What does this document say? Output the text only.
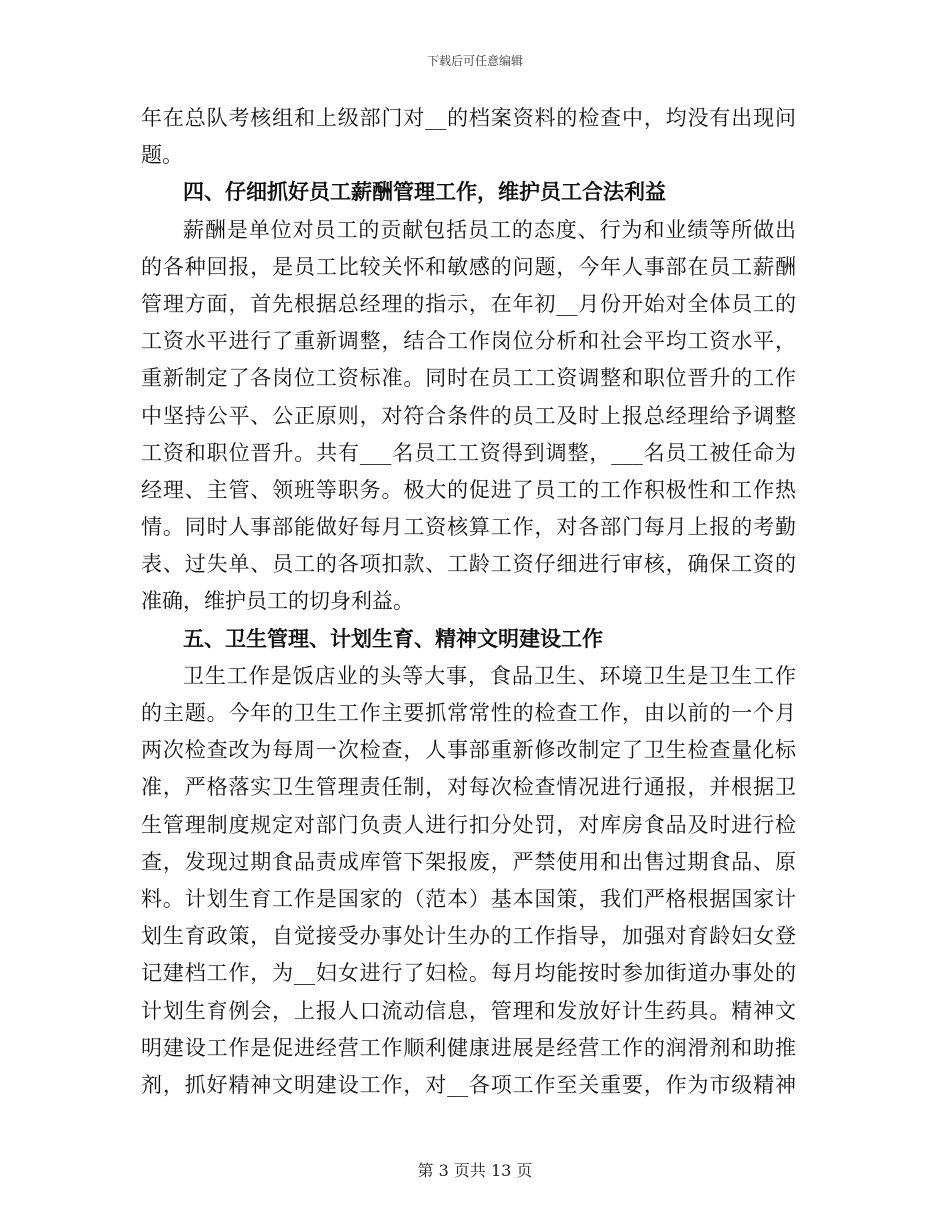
下载后可任意编辑
年在总队考核组和上级部门对__的档案资料的检查中，均没有出现问
题。
四、仔细抓好员工薪酬管理工作，维护员工合法利益
薪酬是单位对员工的贡献包括员工的态度、行为和业绩等所做出
的各种回报，是员工比较关怀和敏感的问题，今年人事部在员工薪酬
管理方面，首先根据总经理的指示，在年初__月份开始对全体员工的
工资水平进行了重新调整，结合工作岗位分析和社会平均工资水平，
重新制定了各岗位工资标准。同时在员工工资调整和职位晋升的工作
中坚持公平、公正原则，对符合条件的员工及时上报总经理给予调整
工资和职位晋升。共有___名员工工资得到调整，___名员工被任命为
经理、主管、领班等职务。极大的促进了员工的工作积极性和工作热
情。同时人事部能做好每月工资核算工作，对各部门每月上报的考勤
表、过失单、员工的各项扣款、工龄工资仔细进行审核，确保工资的
准确，维护员工的切身利益。
五、卫生管理、计划生育、精神文明建设工作
卫生工作是饭店业的头等大事，食品卫生、环境卫生是卫生工作
的主题。今年的卫生工作主要抓常常性的检查工作，由以前的一个月
两次检查改为每周一次检查，人事部重新修改制定了卫生检查量化标
准，严格落实卫生管理责任制，对每次检查情况进行通报，并根据卫
生管理制度规定对部门负责人进行扣分处罚，对库房食品及时进行检
查，发现过期食品责成库管下架报废，严禁使用和出售过期食品、原
料。计划生育工作是国家的（范本）基本国策，我们严格根据国家计
划生育政策，自觉接受办事处计生办的工作指导，加强对育龄妇女登
记建档工作，为__妇女进行了妇检。每月均能按时参加街道办事处的
计划生育例会，上报人口流动信息，管理和发放好计生药具。精神文
明建设工作是促进经营工作顺利健康进展是经营工作的润滑剂和助推
剂，抓好精神文明建设工作，对__各项工作至关重要，作为市级精神
第 3 页共 13 页
